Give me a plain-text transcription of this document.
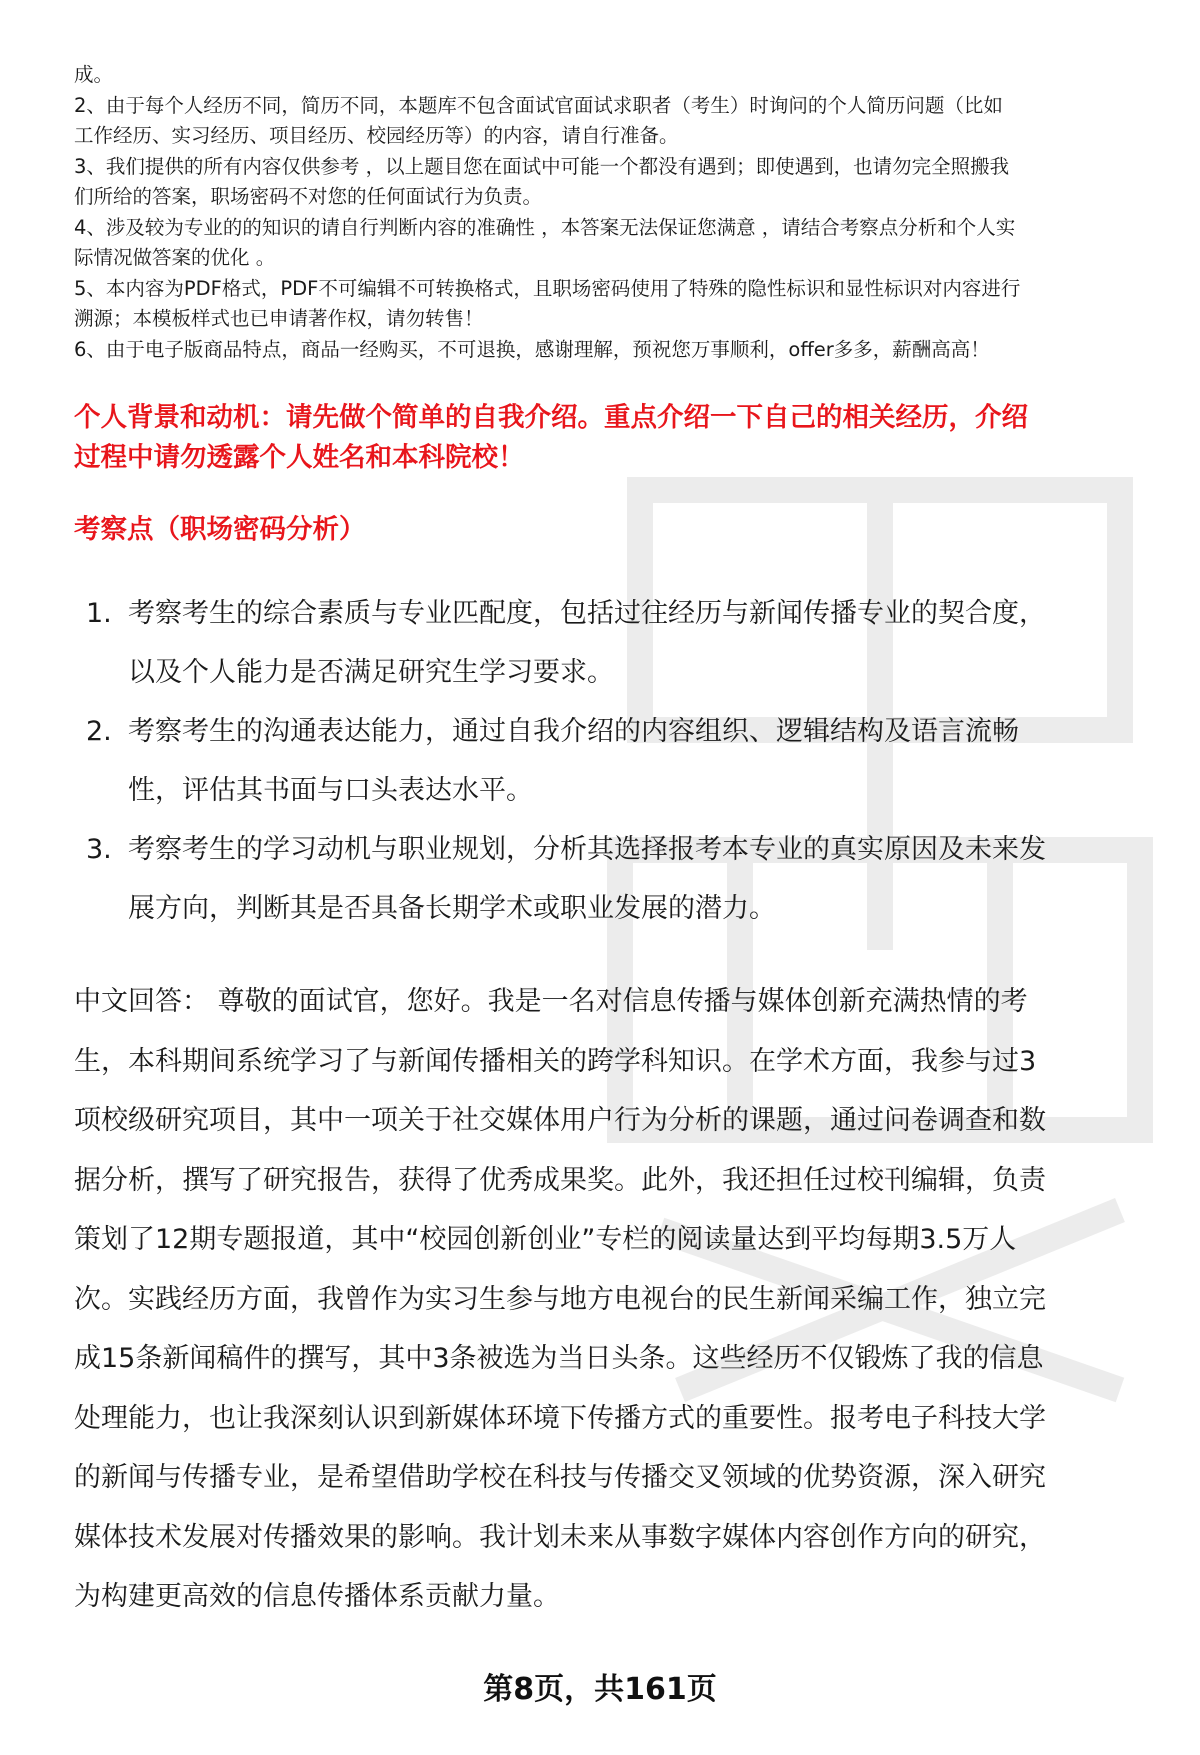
成。

2、由于每个人经历不同，简历不同，本题库不包含面试官面试求职者（考生）时询问的个人简历问题（比如

工作经历、实习经历、项目经历、校园经历等）的内容，请自行准备。

3、我们提供的所有内容仅供参考 ，以上题目您在面试中可能一个都没有遇到；即使遇到，也请勿完全照搬我

们所给的答案，职场密码不对您的任何面试行为负责。

4、涉及较为专业的的知识的请自行判断内容的准确性 ，本答案无法保证您满意 ，请结合考察点分析和个人实

际情况做答案的优化 。

5、本内容为PDF格式，PDF不可编辑不可转换格式，且职场密码使用了特殊的隐性标识和显性标识对内容进行

溯源；本模板样式也已申请著作权，请勿转售！

6、由于电子版商品特点，商品一经购买，不可退换，感谢理解，预祝您万事顺利，offer多多，薪酬高高！

个人背景和动机：请先做个简单的自我介绍。重点介绍一下自己的相关经历，介绍
过程中请勿透露个人姓名和本科院校！
考察点（职场密码分析）
1. 考察考生的综合素质与专业匹配度，包括过往经历与新闻传播专业的契合度，
以及个人能力是否满足研究生学习要求。
2. 考察考生的沟通表达能力，通过自我介绍的内容组织、逻辑结构及语言流畅
性，评估其书面与口头表达水平。
3. 考察考生的学习动机与职业规划，分析其选择报考本专业的真实原因及未来发
展方向，判断其是否具备长期学术或职业发展的潜力。

中文回答： 尊敬的面试官，您好。我是一名对信息传播与媒体创新充满热情的考

生，本科期间系统学习了与新闻传播相关的跨学科知识。在学术方面，我参与过3

项校级研究项目，其中一项关于社交媒体用户行为分析的课题，通过问卷调查和数

据分析，撰写了研究报告，获得了优秀成果奖。此外，我还担任过校刊编辑，负责

策划了12期专题报道，其中“校园创新创业”专栏的阅读量达到平均每期3.5万人

次。实践经历方面，我曾作为实习生参与地方电视台的民生新闻采编工作，独立完

成15条新闻稿件的撰写，其中3条被选为当日头条。这些经历不仅锻炼了我的信息

处理能力，也让我深刻认识到新媒体环境下传播方式的重要性。报考电子科技大学

的新闻与传播专业，是希望借助学校在科技与传播交叉领域的优势资源，深入研究

媒体技术发展对传播效果的影响。我计划未来从事数字媒体内容创作方向的研究，

为构建更高效的信息传播体系贡献力量。

第8页，共161页
